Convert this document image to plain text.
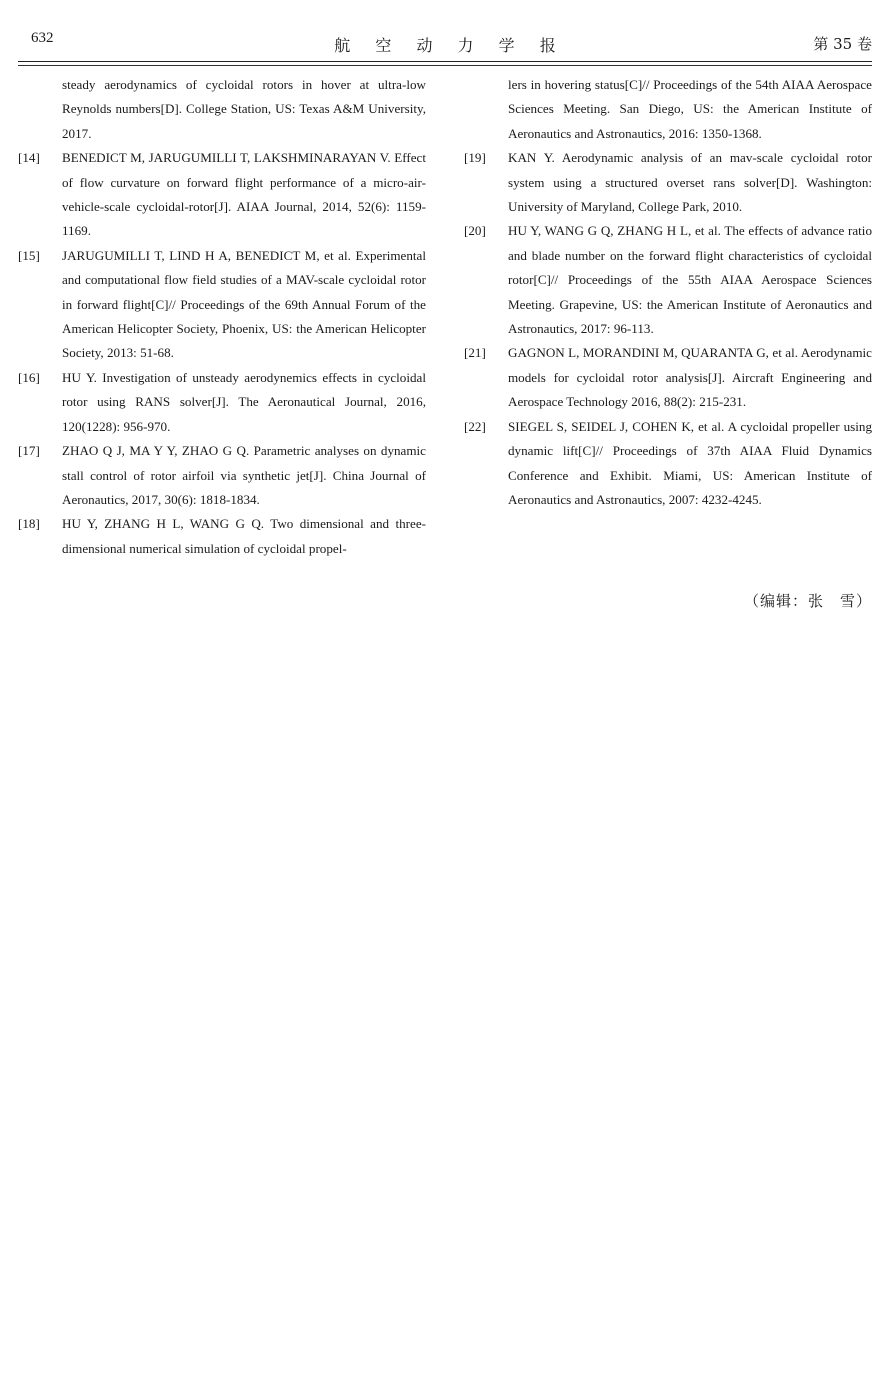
632	航 空 动 力 学 报	第 35 卷

steady aerodynamics of cycloidal rotors in hover at ultra-low Reynolds numbers[D]. College Station, US: Texas A&M University, 2017.

[14] BENEDICT M, JARUGUMILLI T, LAKSHMINARAYAN V. Effect of flow curvature on forward flight performance of a micro-air-vehicle-scale cycloidal-rotor[J]. AIAA Journal, 2014, 52(6): 1159-1169.
[15] JARUGUMILLI T, LIND H A, BENEDICT M, et al. Experimental and computational flow field studies of a MAV-scale cycloidal rotor in forward flight[C]// Proceedings of the 69th Annual Forum of the American Helicopter Society, Phoenix, US: the American Helicopter Society, 2013: 51-68.
[16] HU Y. Investigation of unsteady aerodynemics effects in cycloidal rotor using RANS solver[J]. The Aeronautical Journal, 2016, 120(1228): 956-970.
[17] ZHAO Q J, MA Y Y, ZHAO G Q. Parametric analyses on dynamic stall control of rotor airfoil via synthetic jet[J]. China Journal of Aeronautics, 2017, 30(6): 1818-1834.
[18] HU Y, ZHANG H L, WANG G Q. Two dimensional and three-dimensional numerical simulation of cycloidal propel-

lers in hovering status[C]// Proceedings of the 54th AIAA Aerospace Sciences Meeting. San Diego, US: the American Institute of Aeronautics and Astronautics, 2016: 1350-1368.

[19] KAN Y. Aerodynamic analysis of an mav-scale cycloidal rotor system using a structured overset rans solver[D]. Washington: University of Maryland, College Park, 2010.
[20] HU Y, WANG G Q, ZHANG H L, et al. The effects of advance ratio and blade number on the forward flight characteristics of cycloidal rotor[C]// Proceedings of the 55th AIAA Aerospace Sciences Meeting. Grapevine, US: the American Institute of Aeronautics and Astronautics, 2017: 96-113.
[21] GAGNON L, MORANDINI M, QUARANTA G, et al. Aerodynamic models for cycloidal rotor analysis[J]. Aircraft Engineering and Aerospace Technology 2016, 88(2): 215-231.
[22] SIEGEL S, SEIDEL J, COHEN K, et al. A cycloidal propeller using dynamic lift[C]// Proceedings of 37th AIAA Fluid Dynamics Conference and Exhibit. Miami, US: American Institute of Aeronautics and Astronautics, 2007: 4232-4245.
（编辑：张　雪）
